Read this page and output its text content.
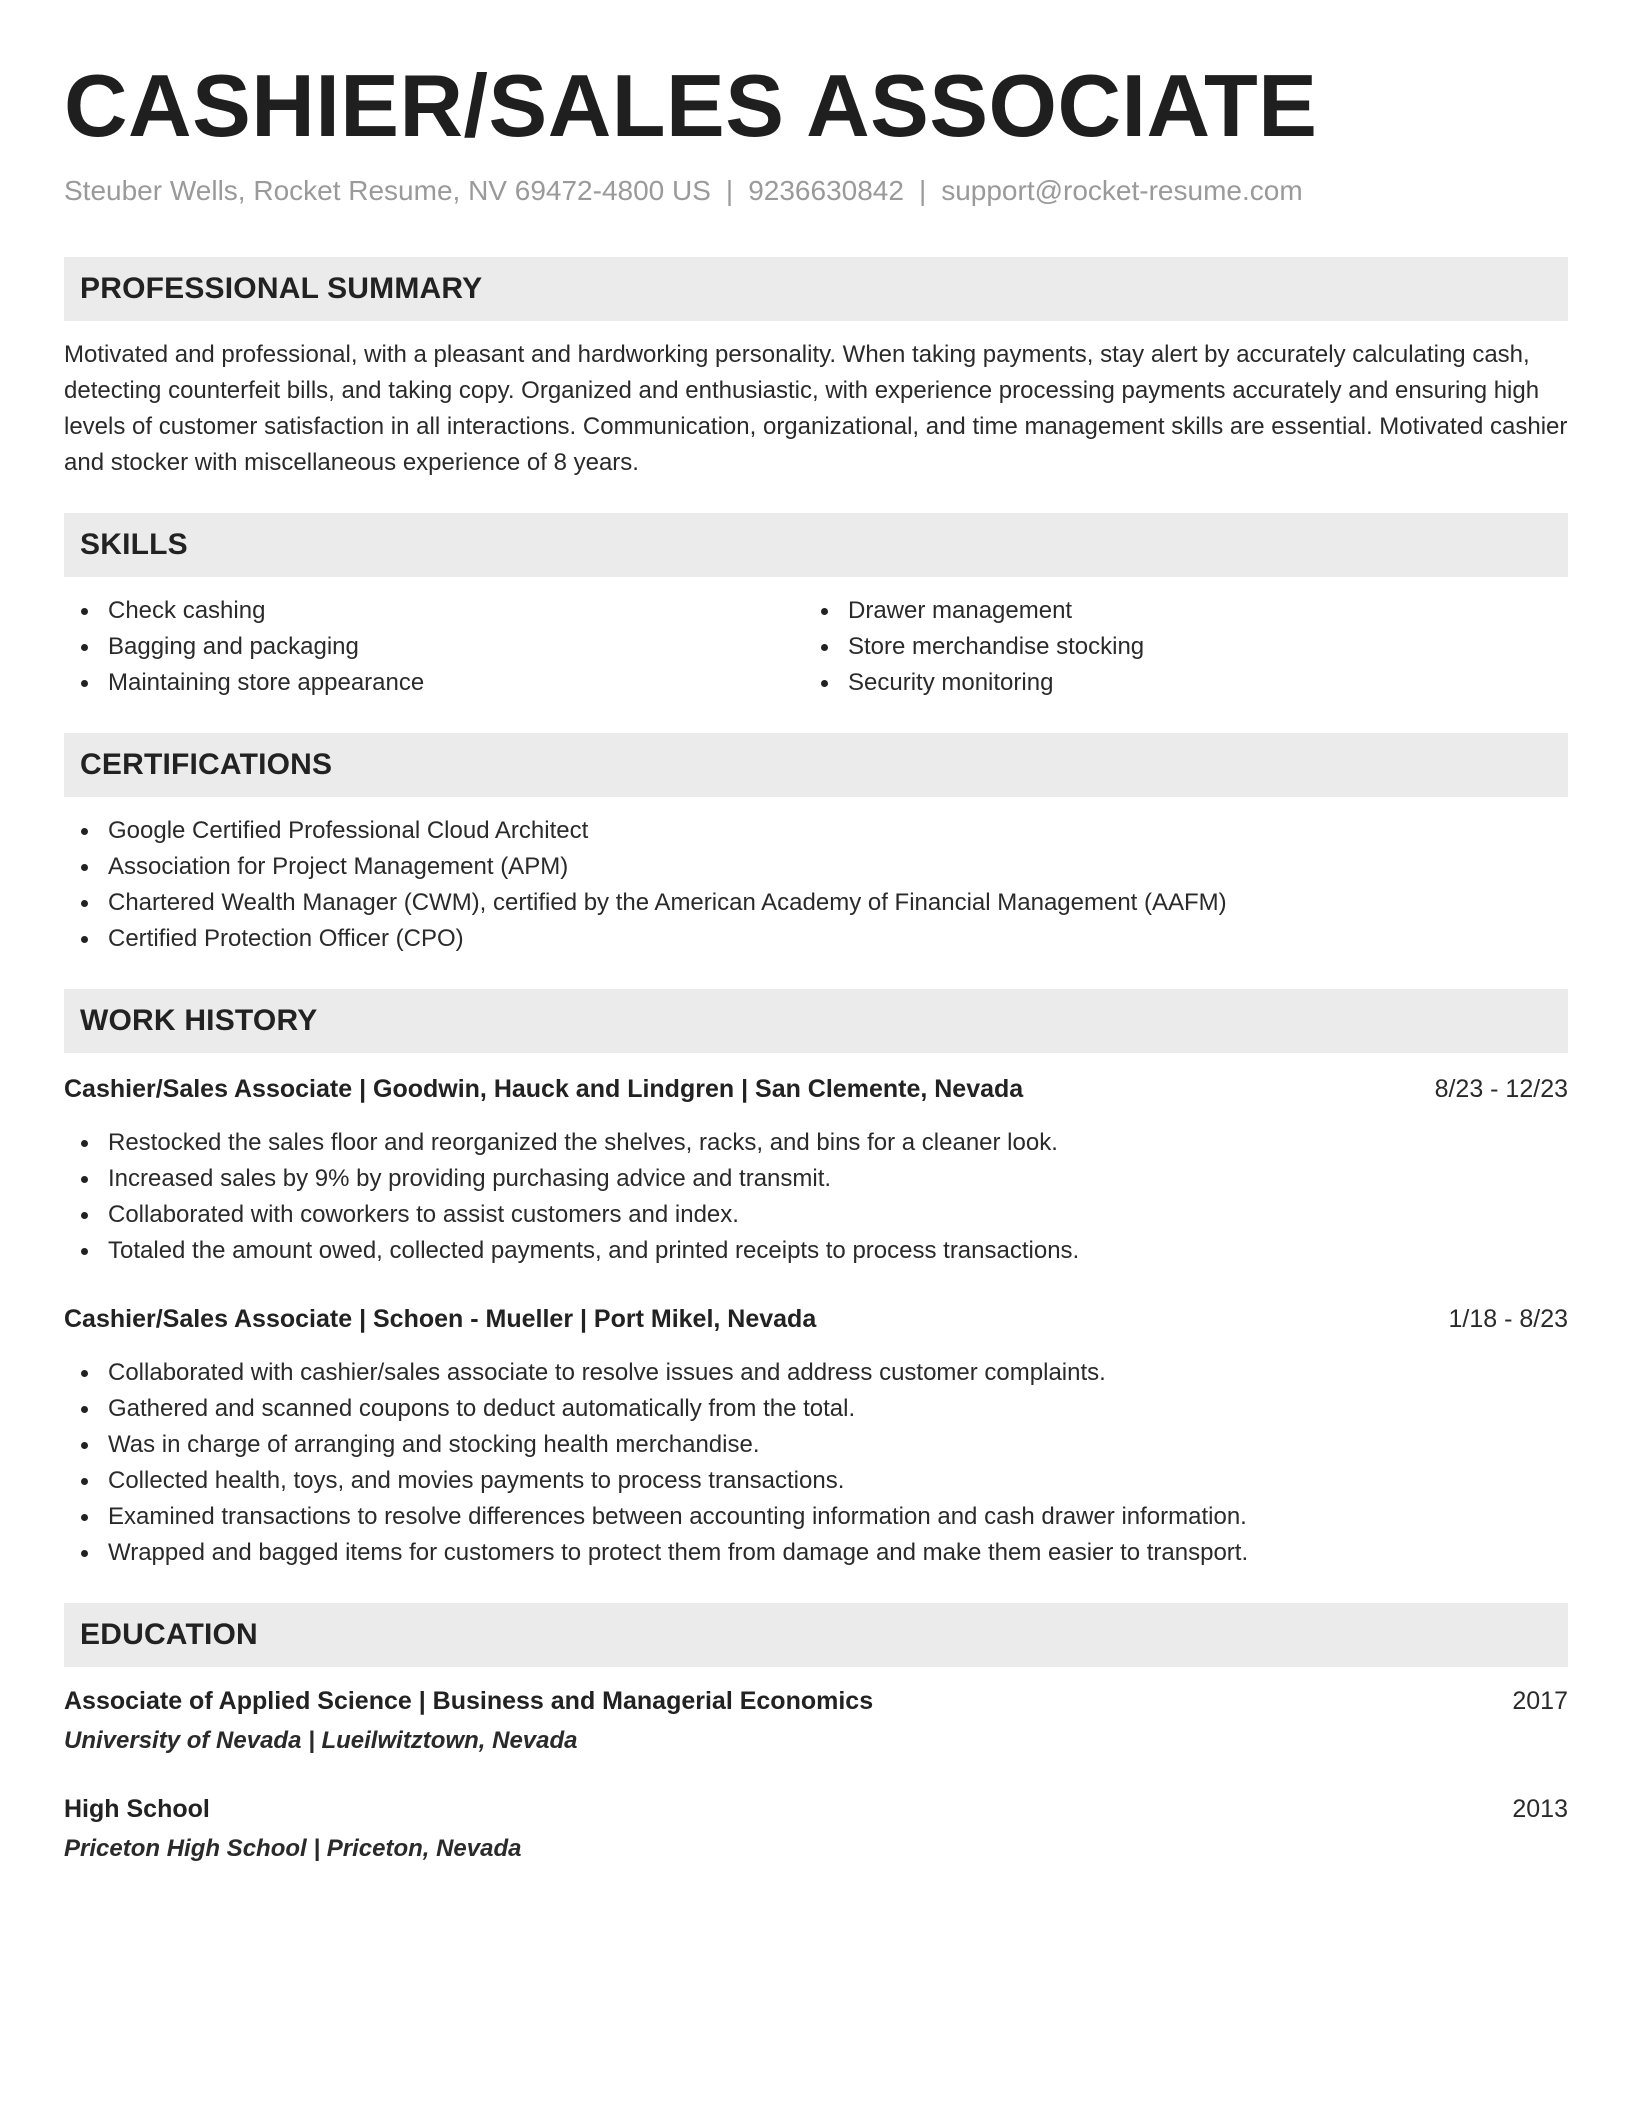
CASHIER/SALES ASSOCIATE
Steuber Wells, Rocket Resume, NV 69472-4800 US | 9236630842 | support@rocket-resume.com
PROFESSIONAL SUMMARY

Motivated and professional, with a pleasant and hardworking personality. When taking payments, stay alert by accurately calculating cash, detecting counterfeit bills, and taking copy. Organized and enthusiastic, with experience processing payments accurately and ensuring high levels of customer satisfaction in all interactions. Communication, organizational, and time management skills are essential. Motivated cashier and stocker with miscellaneous experience of 8 years.

SKILLS
Check cashing
Bagging and packaging
Maintaining store appearance
Drawer management
Store merchandise stocking
Security monitoring
CERTIFICATIONS
Google Certified Professional Cloud Architect
Association for Project Management (APM)
Chartered Wealth Manager (CWM), certified by the American Academy of Financial Management (AAFM)
Certified Protection Officer (CPO)
WORK HISTORY
Cashier/Sales Associate | Goodwin, Hauck and Lindgren | San Clemente, Nevada	8/23 - 12/23
Restocked the sales floor and reorganized the shelves, racks, and bins for a cleaner look.
Increased sales by 9% by providing purchasing advice and transmit.
Collaborated with coworkers to assist customers and index.
Totaled the amount owed, collected payments, and printed receipts to process transactions.
Cashier/Sales Associate | Schoen - Mueller | Port Mikel, Nevada	1/18 - 8/23
Collaborated with cashier/sales associate to resolve issues and address customer complaints.
Gathered and scanned coupons to deduct automatically from the total.
Was in charge of arranging and stocking health merchandise.
Collected health, toys, and movies payments to process transactions.
Examined transactions to resolve differences between accounting information and cash drawer information.
Wrapped and bagged items for customers to protect them from damage and make them easier to transport.
EDUCATION
Associate of Applied Science | Business and Managerial Economics	2017
University of Nevada | Lueilwitztown, Nevada
High School	2013
Priceton High School | Priceton, Nevada
